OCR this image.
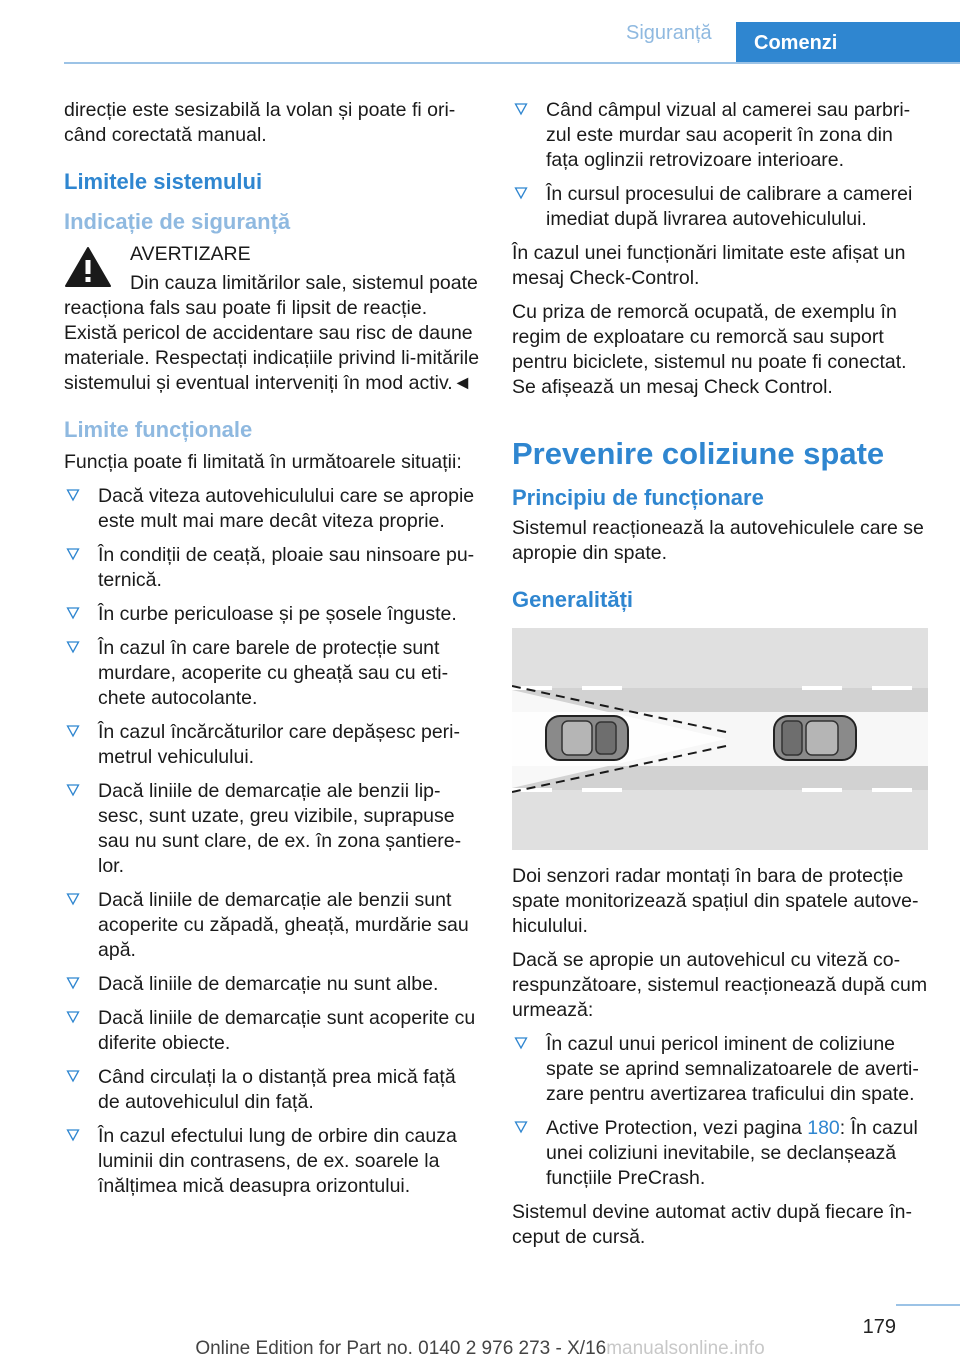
Siguranță Comenzi

direcție este sesizabilă la volan și poate fi ori-când corectată manual.

Limitele sistemului
Indicație de siguranță
AVERTIZARE

Din cauza limitărilor sale, sistemul poate reacționa fals sau poate fi lipsit de reacție. Există pericol de accidentare sau risc de daune materiale. Respectați indicațiile privind li-mitările sistemului și eventual interveniți în mod activ.◄

Limite funcționale

Funcția poate fi limitată în următoarele situații:

Dacă viteza autovehiculului care se apropie este mult mai mare decât viteza proprie.
În condiții de ceață, ploaie sau ninsoare pu-ternică.
În curbe periculoase și pe șosele înguste.
În cazul în care barele de protecție sunt murdare, acoperite cu gheață sau cu eti-chete autocolante.
În cazul încărcăturilor care depășesc peri-metrul vehiculului.
Dacă liniile de demarcație ale benzii lip-sesc, sunt uzate, greu vizibile, suprapuse sau nu sunt clare, de ex. în zona șantiere-lor.
Dacă liniile de demarcație ale benzii sunt acoperite cu zăpadă, gheață, murdărie sau apă.
Dacă liniile de demarcație nu sunt albe.
Dacă liniile de demarcație sunt acoperite cu diferite obiecte.
Când circulați la o distanță prea mică față de autovehiculul din față.
În cazul efectului lung de orbire din cauza luminii din contrasens, de ex. soarele la înălțimea mică deasupra orizontului.
Când câmpul vizual al camerei sau parbri-zul este murdar sau acoperit în zona din fața oglinzii retrovizoare interioare.
În cursul procesului de calibrare a camerei imediat după livrarea autovehiculului.

În cazul unei funcționări limitate este afișat un mesaj Check-Control.

Cu priza de remorcă ocupată, de exemplu în regim de exploatare cu remorcă sau suport pentru biciclete, sistemul nu poate fi conectat. Se afișează un mesaj Check Control.

Prevenire coliziune spate
Principiu de funcționare

Sistemul reacționează la autovehiculele care se apropie din spate.

Generalități

Doi senzori radar montați în bara de protecție spate monitorizează spațiul din spatele autove-hiculului.

Dacă se apropie un autovehicul cu viteză co-respunzătoare, sistemul reacționează după cum urmează:

În cazul unui pericol iminent de coliziune spate se aprind semnalizatoarele de averti-zare pentru avertizarea traficului din spate.
Active Protection, vezi pagina 180: În cazul unei coliziuni inevitabile, se declanșează funcțiile PreCrash.

Sistemul devine automat activ după fiecare în-ceput de cursă.

179
Online Edition for Part no. 0140 2 976 273 - X/16manualsonline.info
